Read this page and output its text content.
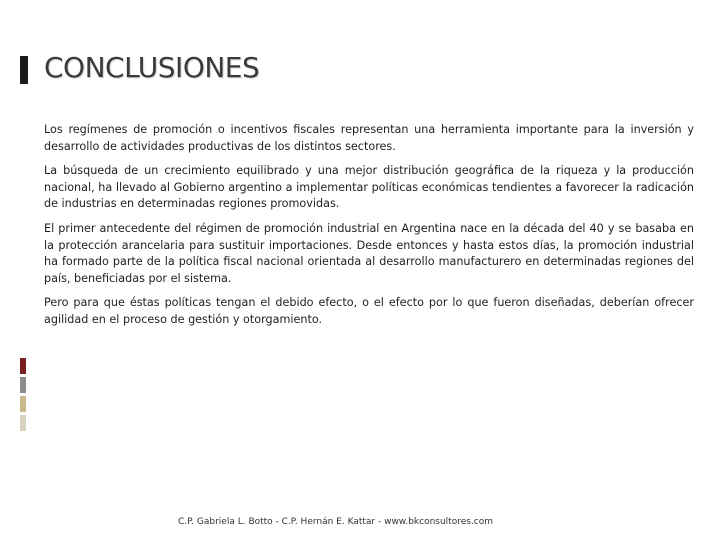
CONCLUSIONES

Los regímenes de promoción o incentivos fiscales representan una herramienta importante para la inversión y desarrollo de actividades productivas de los distintos sectores.

La búsqueda de un crecimiento equilibrado y una mejor distribución geográfica de la riqueza y la producción nacional, ha llevado al Gobierno argentino a implementar políticas económicas tendientes a favorecer la radicación de industrias en determinadas regiones promovidas.

El primer antecedente del régimen de promoción industrial en Argentina nace en la década del 40 y se basaba en la protección arancelaria para sustituir importaciones. Desde entonces y hasta estos días, la promoción industrial ha formado parte de la política fiscal nacional orientada al desarrollo manufacturero en determinadas regiones del país, beneficiadas por el sistema.

Pero para que éstas políticas tengan el debido efecto, o el efecto por lo que fueron diseñadas, deberían ofrecer agilidad en el proceso de gestión y otorgamiento.

C.P. Gabriela L. Botto - C.P. Hernán E. Kattar - www.bkconsultores.com
